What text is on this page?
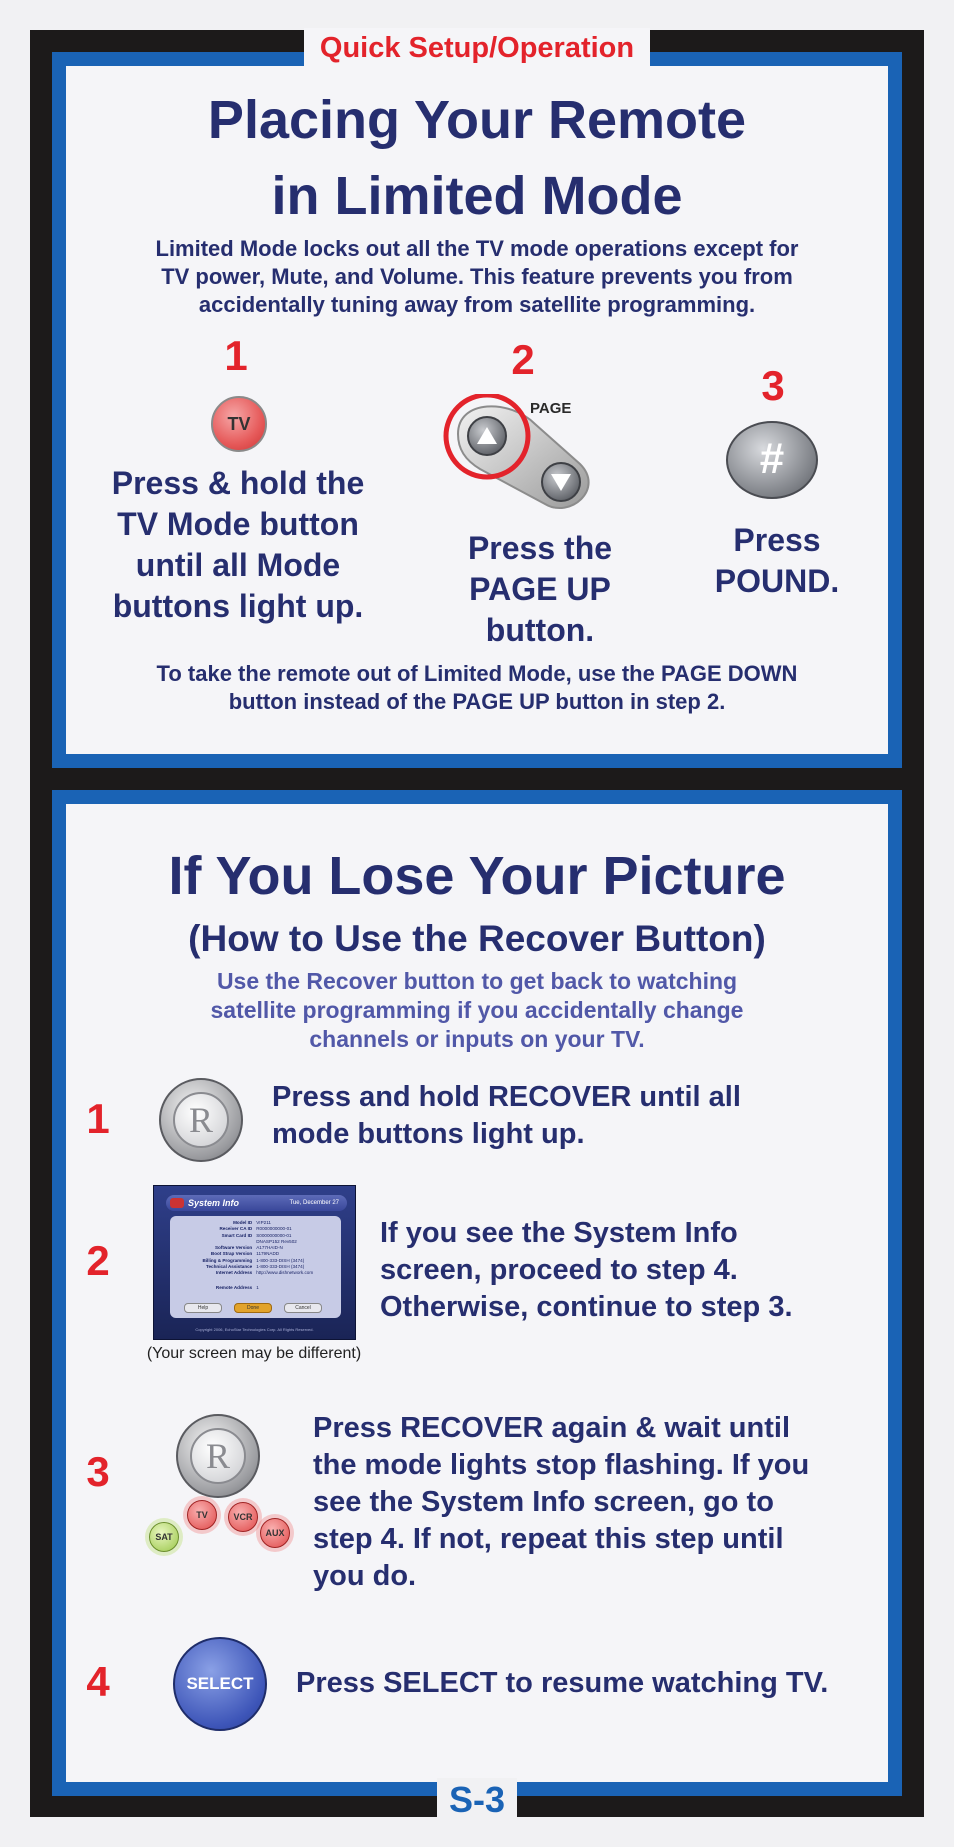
Quick Setup/Operation
Placing Your Remote
in Limited Mode
Limited Mode locks out all the TV mode operations except for
TV power, Mute, and Volume. This feature prevents you from
accidentally tuning away from satellite programming.
1
TV
Press & hold the
TV Mode button
until all Mode
buttons light up.
2
PAGE
Press the
PAGE UP
button.
3
#
Press
POUND.
To take the remote out of Limited Mode, use the PAGE DOWN
button instead of the PAGE UP button in step 2.
If You Lose Your Picture
(How to Use the Recover Button)
Use the Recover button to get back to watching
satellite programming if you accidentally change
channels or inputs on your TV.
1	R
Press and hold RECOVER until all
mode buttons light up.
2
System Info	Tue, December 27
Model ID VIP211
Receiver CA ID R0000000000-01
Smart Card ID S0000000000-01
DNASP152 Rev502
Software Version A177HAID-N
Boot Strap Version 1179NADD
Billing & Programming 1-800-333-DISH (3474)
Technical Assistance 1-800-333-DISH (3474)
Internet Address http://www.dishnetwork.com
Remote Address 1
Help	Done	Cancel
Copyright 2006, EchoStar Technologies Corp. All Rights Reserved.
If you see the System Info
screen, proceed to step 4.
Otherwise, continue to step 3.
(Your screen may be different)
3	R
SAT
TV	VCR
AUX
Press RECOVER again & wait until
the mode lights stop flashing. If you
see the System Info screen, go to
step 4. If not, repeat this step until
you do.
4	SELECT	Press SELECT to resume watching TV.
S-3
